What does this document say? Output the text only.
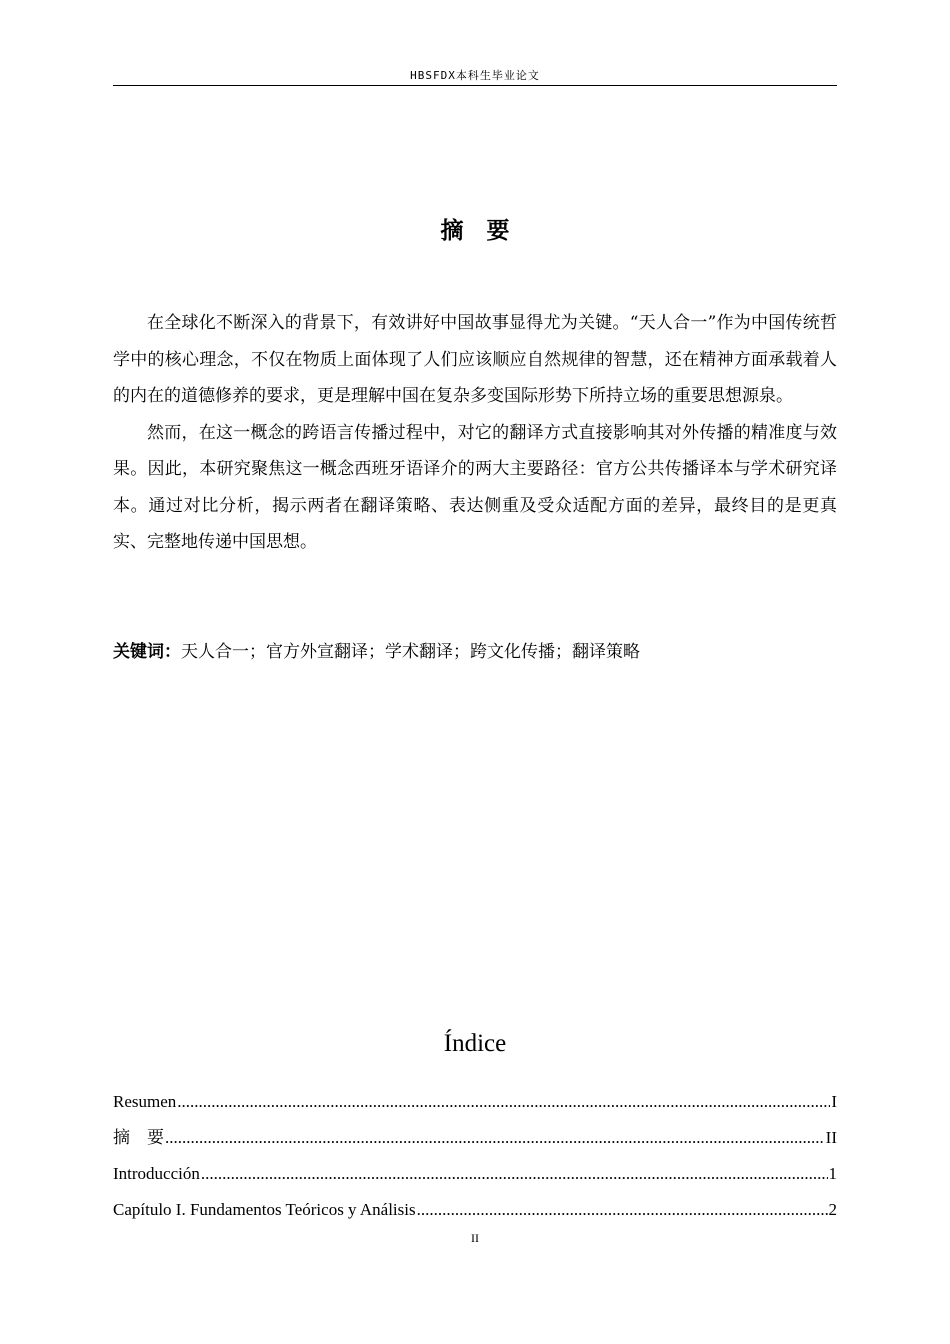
HBSFDX本科生毕业论文
摘　要

在全球化不断深入的背景下，有效讲好中国故事显得尤为关键。“天人合一”作为中国传统哲学中的核心理念，不仅在物质上面体现了人们应该顺应自然规律的智慧，还在精神方面承载着人的内在的道德修养的要求，更是理解中国在复杂多变国际形势下所持立场的重要思想源泉。

然而，在这一概念的跨语言传播过程中，对它的翻译方式直接影响其对外传播的精准度与效果。因此，本研究聚焦这一概念西班牙语译介的两大主要路径：官方公共传播译本与学术研究译本。通过对比分析，揭示两者在翻译策略、表达侧重及受众适配方面的差异，最终目的是更真实、完整地传递中国思想。

关键词：天人合一；官方外宣翻译；学术翻译；跨文化传播；翻译策略
Índice
Resumen .....	I
摘　要 .....	II
Introducción .....	1
Capítulo I. Fundamentos Teóricos y Análisis .....	2
II
